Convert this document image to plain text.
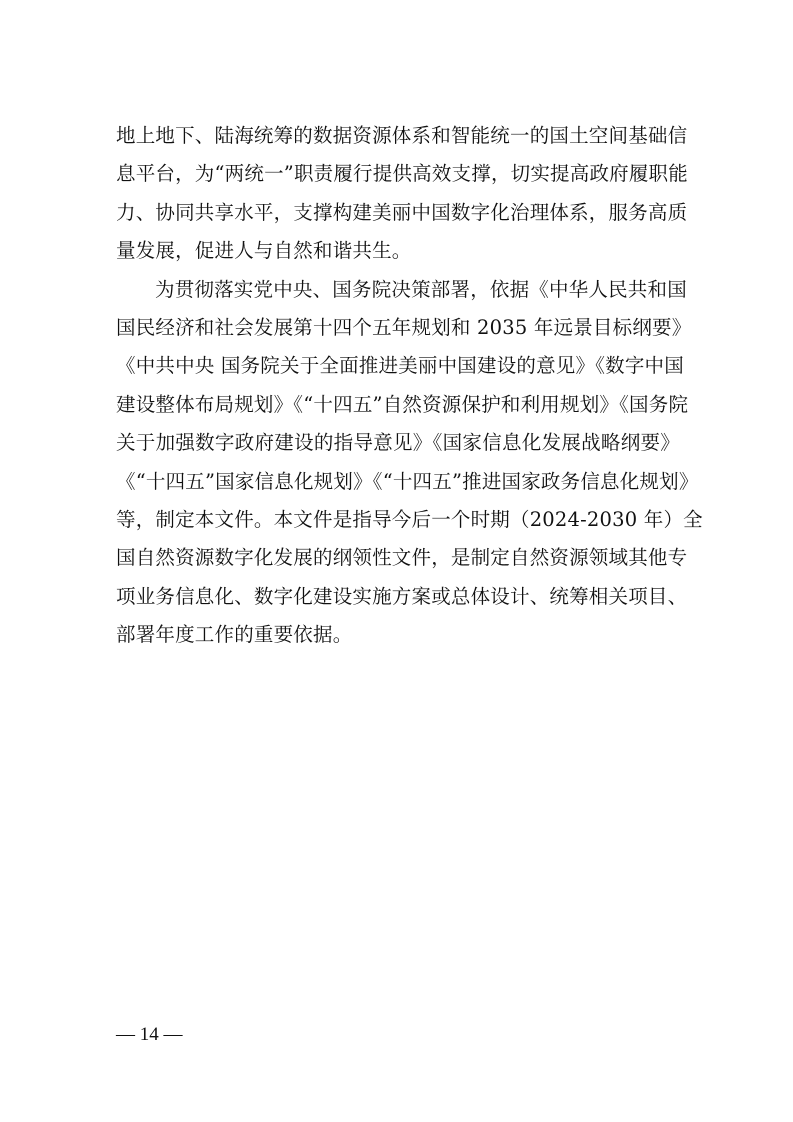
地上地下、陆海统筹的数据资源体系和智能统一的国土空间基础信
息平台，为“两统一”职责履行提供高效支撑，切实提高政府履职能
力、协同共享水平，支撑构建美丽中国数字化治理体系，服务高质
量发展，促进人与自然和谐共生。
为贯彻落实党中央、国务院决策部署，依据《中华人民共和国
国民经济和社会发展第十四个五年规划和 2035 年远景目标纲要》
《中共中央 国务院关于全面推进美丽中国建设的意见》《数字中国
建设整体布局规划》《“十四五”自然资源保护和利用规划》《国务院
关于加强数字政府建设的指导意见》《国家信息化发展战略纲要》
《“十四五”国家信息化规划》《“十四五”推进国家政务信息化规划》
等，制定本文件。本文件是指导今后一个时期（2024-2030 年）全
国自然资源数字化发展的纲领性文件，是制定自然资源领域其他专
项业务信息化、数字化建设实施方案或总体设计、统筹相关项目、
部署年度工作的重要依据。
— 14 —
